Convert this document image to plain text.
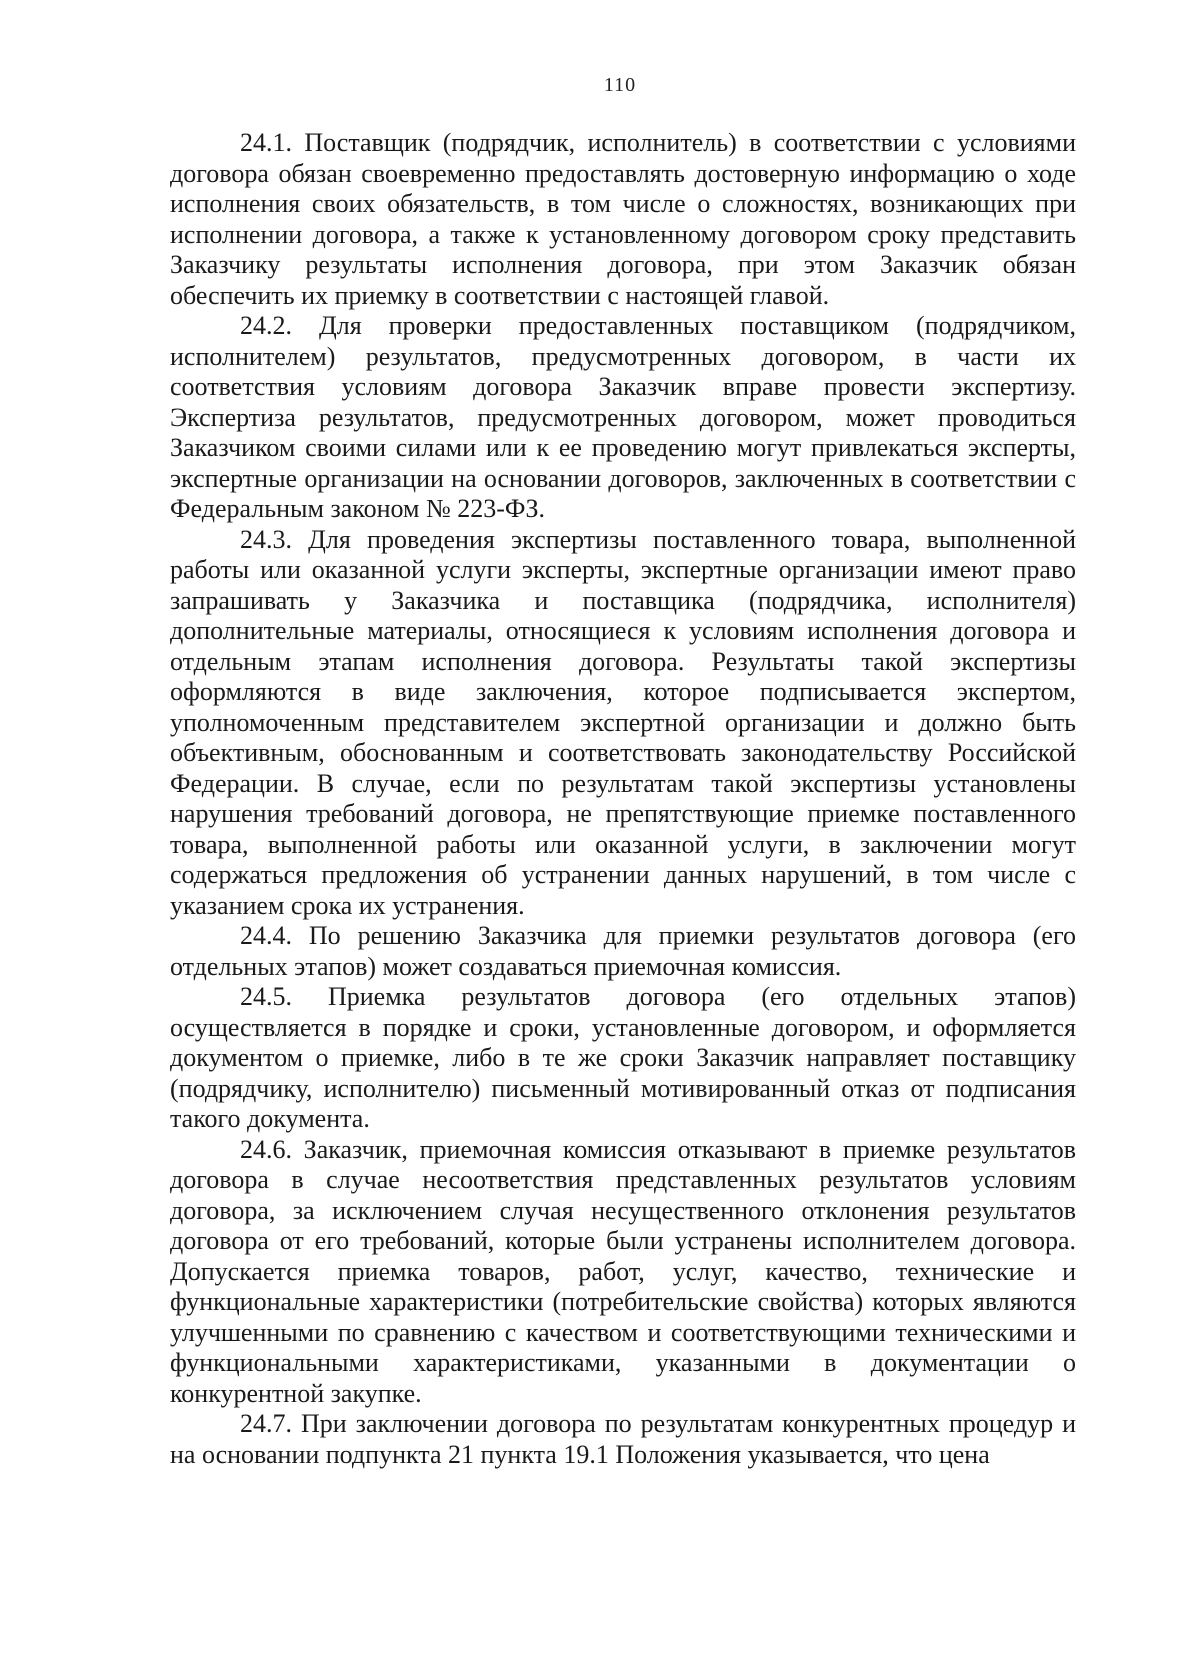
110

24.1. Поставщик (подрядчик, исполнитель) в соответствии с условиями договора обязан своевременно предоставлять достоверную информацию о ходе исполнения своих обязательств, в том числе о сложностях, возникающих при исполнении договора, а также к установленному договором сроку представить Заказчику результаты исполнения договора, при этом Заказчик обязан обеспечить их приемку в соответствии с настоящей главой.

24.2. Для проверки предоставленных поставщиком (подрядчиком, исполнителем) результатов, предусмотренных договором, в части их соответствия условиям договора Заказчик вправе провести экспертизу. Экспертиза результатов, предусмотренных договором, может проводиться Заказчиком своими силами или к ее проведению могут привлекаться эксперты, экспертные организации на основании договоров, заключенных в соответствии с Федеральным законом № 223-ФЗ.

24.3. Для проведения экспертизы поставленного товара, выполненной работы или оказанной услуги эксперты, экспертные организации имеют право запрашивать у Заказчика и поставщика (подрядчика, исполнителя) дополнительные материалы, относящиеся к условиям исполнения договора и отдельным этапам исполнения договора. Результаты такой экспертизы оформляются в виде заключения, которое подписывается экспертом, уполномоченным представителем экспертной организации и должно быть объективным, обоснованным и соответствовать законодательству Российской Федерации. В случае, если по результатам такой экспертизы установлены нарушения требований договора, не препятствующие приемке поставленного товара, выполненной работы или оказанной услуги, в заключении могут содержаться предложения об устранении данных нарушений, в том числе с указанием срока их устранения.

24.4. По решению Заказчика для приемки результатов договора (его отдельных этапов) может создаваться приемочная комиссия.

24.5. Приемка результатов договора (его отдельных этапов) осуществляется в порядке и сроки, установленные договором, и оформляется документом о приемке, либо в те же сроки Заказчик направляет поставщику (подрядчику, исполнителю) письменный мотивированный отказ от подписания такого документа.

24.6. Заказчик, приемочная комиссия отказывают в приемке результатов договора в случае несоответствия представленных результатов условиям договора, за исключением случая несущественного отклонения результатов договора от его требований, которые были устранены исполнителем договора. Допускается приемка товаров, работ, услуг, качество, технические и функциональные характеристики (потребительские свойства) которых являются улучшенными по сравнению с качеством и соответствующими техническими и функциональными характеристиками, указанными в документации о конкурентной закупке.

24.7. При заключении договора по результатам конкурентных процедур и на основании подпункта 21 пункта 19.1 Положения указывается, что цена
